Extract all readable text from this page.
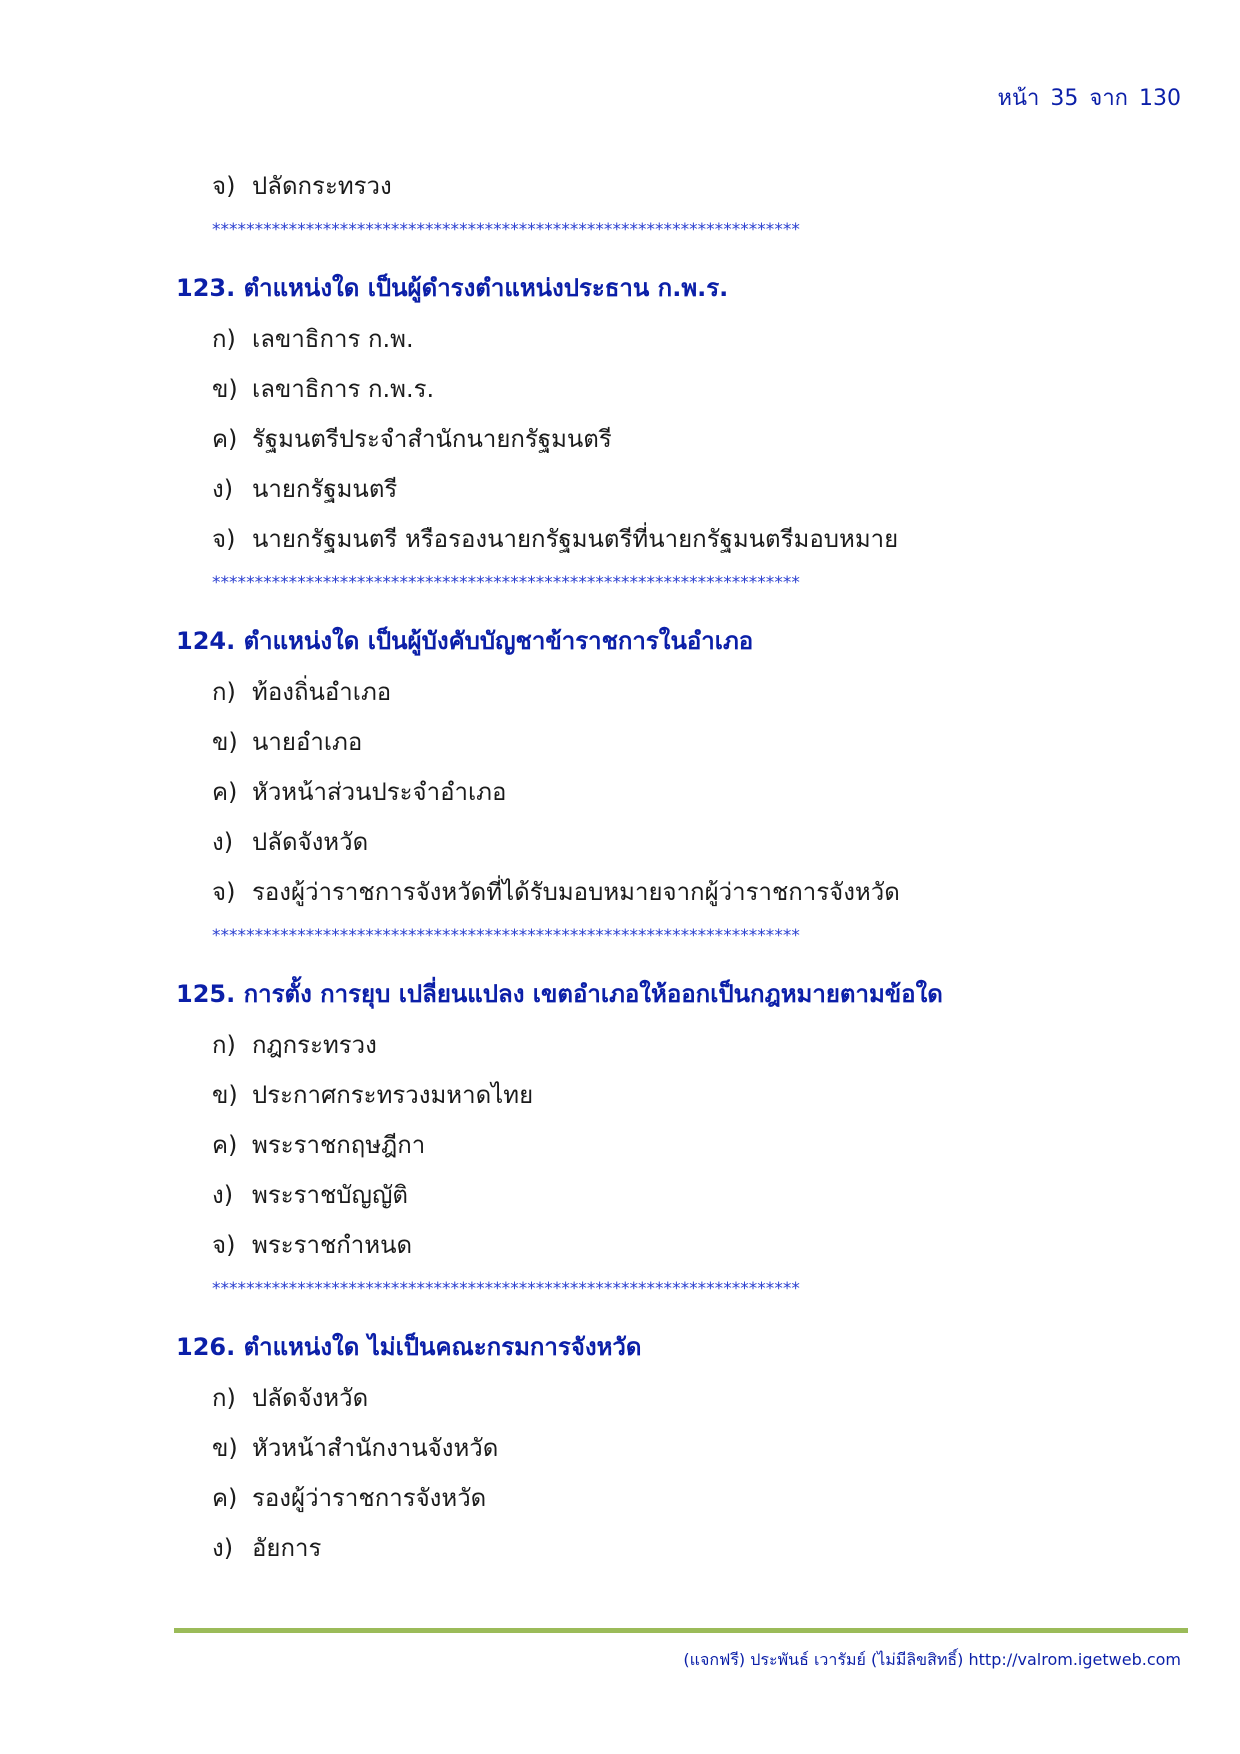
หน้า 35 จาก 130
จ) ปลัดกระทรวง
*********************************************************************
123. ตำแหน่งใด เป็นผู้ดำรงตำแหน่งประธาน ก.พ.ร.
ก) เลขาธิการ ก.พ.
ข) เลขาธิการ ก.พ.ร.
ค) รัฐมนตรีประจำสำนักนายกรัฐมนตรี
ง) นายกรัฐมนตรี
จ) นายกรัฐมนตรี หรือรองนายกรัฐมนตรีที่นายกรัฐมนตรีมอบหมาย
*********************************************************************
124. ตำแหน่งใด เป็นผู้บังคับบัญชาข้าราชการในอำเภอ
ก) ท้องถิ่นอำเภอ
ข) นายอำเภอ
ค) หัวหน้าส่วนประจำอำเภอ
ง) ปลัดจังหวัด
จ) รองผู้ว่าราชการจังหวัดที่ได้รับมอบหมายจากผู้ว่าราชการจังหวัด
*********************************************************************
125. การตั้ง การยุบ เปลี่ยนแปลง เขตอำเภอให้ออกเป็นกฎหมายตามข้อใด
ก) กฎกระทรวง
ข) ประกาศกระทรวงมหาดไทย
ค) พระราชกฤษฎีกา
ง) พระราชบัญญัติ
จ) พระราชกำหนด
*********************************************************************
126. ตำแหน่งใด ไม่เป็นคณะกรมการจังหวัด
ก) ปลัดจังหวัด
ข) หัวหน้าสำนักงานจังหวัด
ค) รองผู้ว่าราชการจังหวัด
ง) อัยการ
(แจกฟรี) ประพันธ์ เวารัมย์ (ไม่มีลิขสิทธิ์) http://valrom.igetweb.com
